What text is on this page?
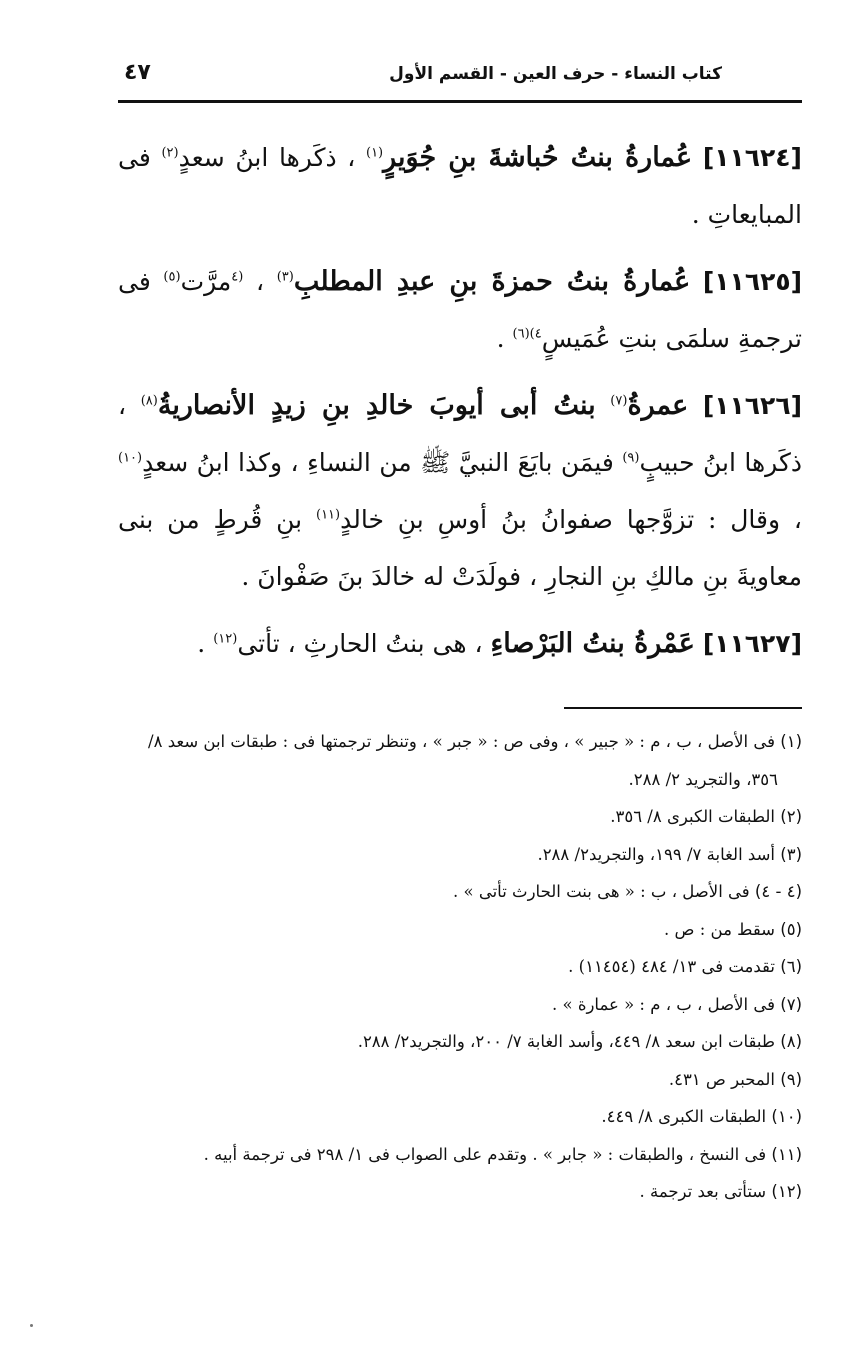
كتاب النساء - حرف العين - القسم الأول
٤٧

[١١٦٢٤] عُمارةُ بنتُ حُباشةَ بنِ جُوَيرٍ$^{(١)}$ ، ذكَرها ابنُ سعدٍ$^{(٢)}$ فى المبايعاتِ .

[١١٦٢٥] عُمارةُ بنتُ حمزةَ بنِ عبدِ المطلبِ$^{(٣)}$ ، $^{(٤}$مرَّت$^{(٥)}$ فى ترجمةِ سلمَى بنتِ عُمَيسٍ$^{٤)(٦)}$ .

[١١٦٢٦] عمرةُ$^{(٧)}$ بنتُ أبى أيوبَ خالدِ بنِ زيدٍ الأنصاريةُ$^{(٨)}$ ، ذكَرها ابنُ حبيبٍ$^{(٩)}$ فيمَن بايَعَ النبيَّ ﷺ من النساءِ ، وكذا ابنُ سعدٍ$^{(١٠)}$ ، وقال : تزوَّجها صفوانُ بنُ أوسِ بنِ خالدٍ$^{(١١)}$ بنِ قُرطٍ من بنى معاويةَ بنِ مالكِ بنِ النجارِ ، فولَدَتْ له خالدَ بنَ صَفْوانَ .

[١١٦٢٧] عَمْرةُ بنتُ البَرْصاءِ ، هى بنتُ الحارثِ ، تأتى$^{(١٢)}$ .

(١) فى الأصل ، ب ، م : « جبير » ، وفى ص : « جبر » ، وتنظر ترجمتها فى : طبقات ابن سعد ٨/ ٣٥٦، والتجريد ٢/ ٢٨٨.

(٢) الطبقات الكبرى ٨/ ٣٥٦.

(٣) أسد الغابة ٧/ ١٩٩، والتجريد٢/ ٢٨٨.

(٤ - ٤) فى الأصل ، ب : « هى بنت الحارث تأتى » .

(٥) سقط من : ص .

(٦) تقدمت فى ١٣/ ٤٨٤ (١١٤٥٤) .

(٧) فى الأصل ، ب ، م : « عمارة » .

(٨) طبقات ابن سعد ٨/ ٤٤٩، وأسد الغابة ٧/ ٢٠٠، والتجريد٢/ ٢٨٨.

(٩) المحبر ص ٤٣١.

(١٠) الطبقات الكبرى ٨/ ٤٤٩.

(١١) فى النسخ ، والطبقات : « جابر » . وتقدم على الصواب فى ١/ ٢٩٨ فى ترجمة أبيه .

(١٢) ستأتى بعد ترجمة .
